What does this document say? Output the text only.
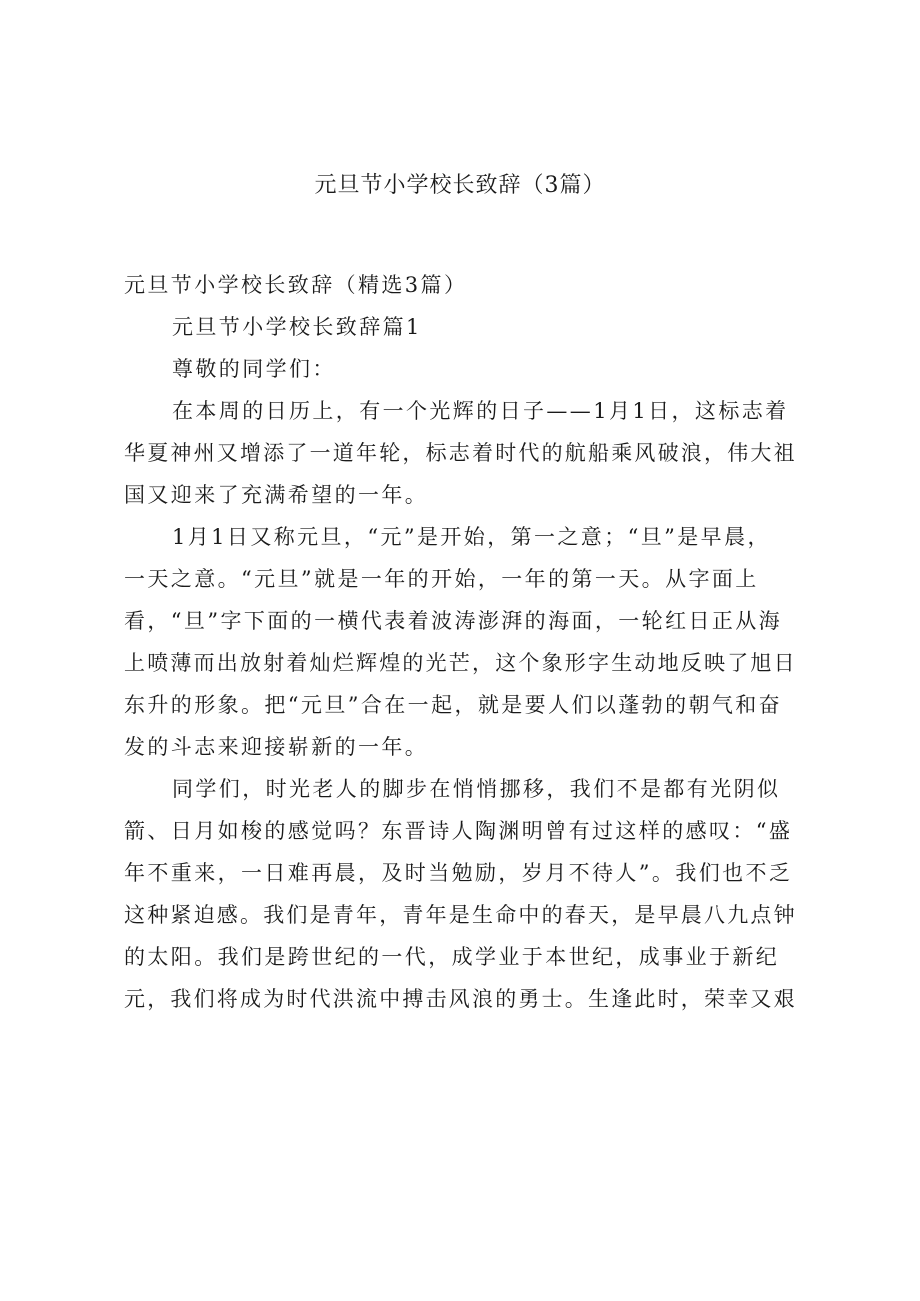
元旦节小学校长致辞（3篇）
元旦节小学校长致辞（精选3篇）
元旦节小学校长致辞篇1
尊敬的同学们：
在本周的日历上，有一个光辉的日子——1月1日，这标志着
华夏神州又增添了一道年轮，标志着时代的航船乘风破浪，伟大祖
国又迎来了充满希望的一年。
1月1日又称元旦，“元”是开始，第一之意；“旦”是早晨，
一天之意。“元旦”就是一年的开始，一年的第一天。从字面上
看，“旦”字下面的一横代表着波涛澎湃的海面，一轮红日正从海
上喷薄而出放射着灿烂辉煌的光芒，这个象形字生动地反映了旭日
东升的形象。把“元旦”合在一起，就是要人们以蓬勃的朝气和奋
发的斗志来迎接崭新的一年。
同学们，时光老人的脚步在悄悄挪移，我们不是都有光阴似
箭、日月如梭的感觉吗？东晋诗人陶渊明曾有过这样的感叹：“盛
年不重来，一日难再晨，及时当勉励，岁月不待人”。我们也不乏
这种紧迫感。我们是青年，青年是生命中的春天，是早晨八九点钟
的太阳。我们是跨世纪的一代，成学业于本世纪，成事业于新纪
元，我们将成为时代洪流中搏击风浪的勇士。生逢此时，荣幸又艰
